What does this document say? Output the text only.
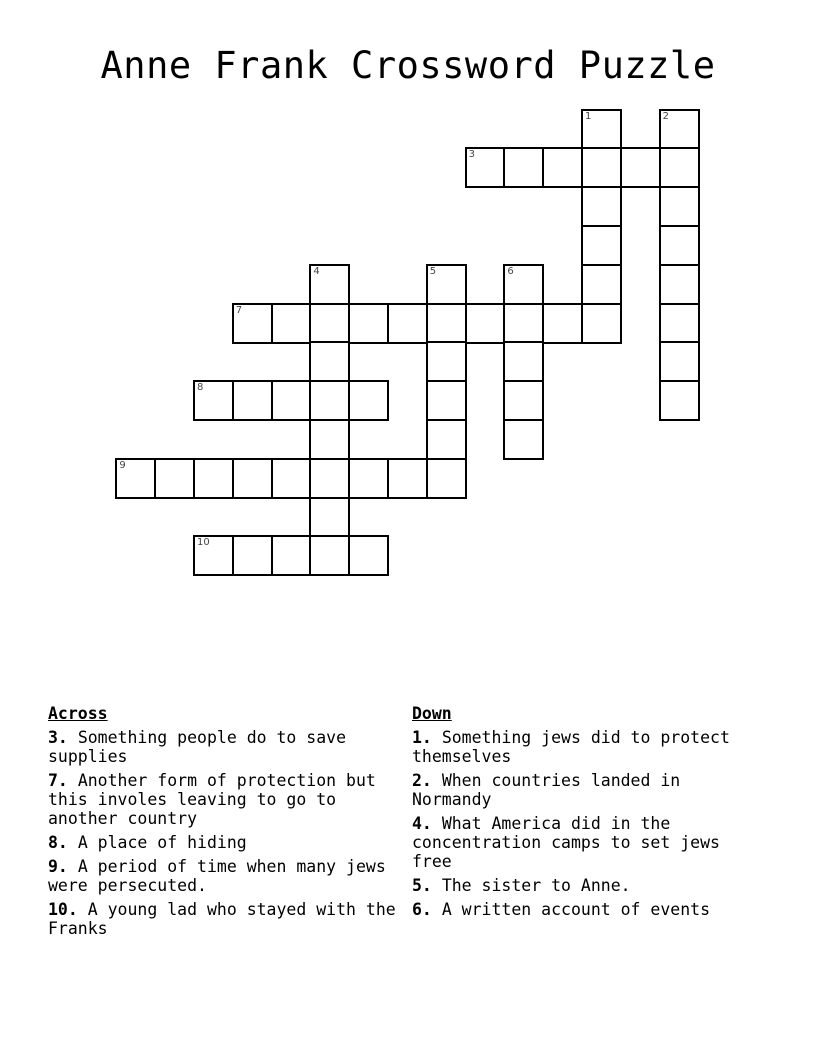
Anne Frank Crossword Puzzle
1	2
3
4	5	6
7
8
9
10
Across
3. Something people do to save supplies
7. Another form of protection but this involes leaving to go to another country
8. A place of hiding
9. A period of time when many jews were persecuted.
10. A young lad who stayed with the Franks
Down
1. Something jews did to protect themselves
2. When countries landed in Normandy
4. What America did in the concentration camps to set jews free
5. The sister to Anne.
6. A written account of events
